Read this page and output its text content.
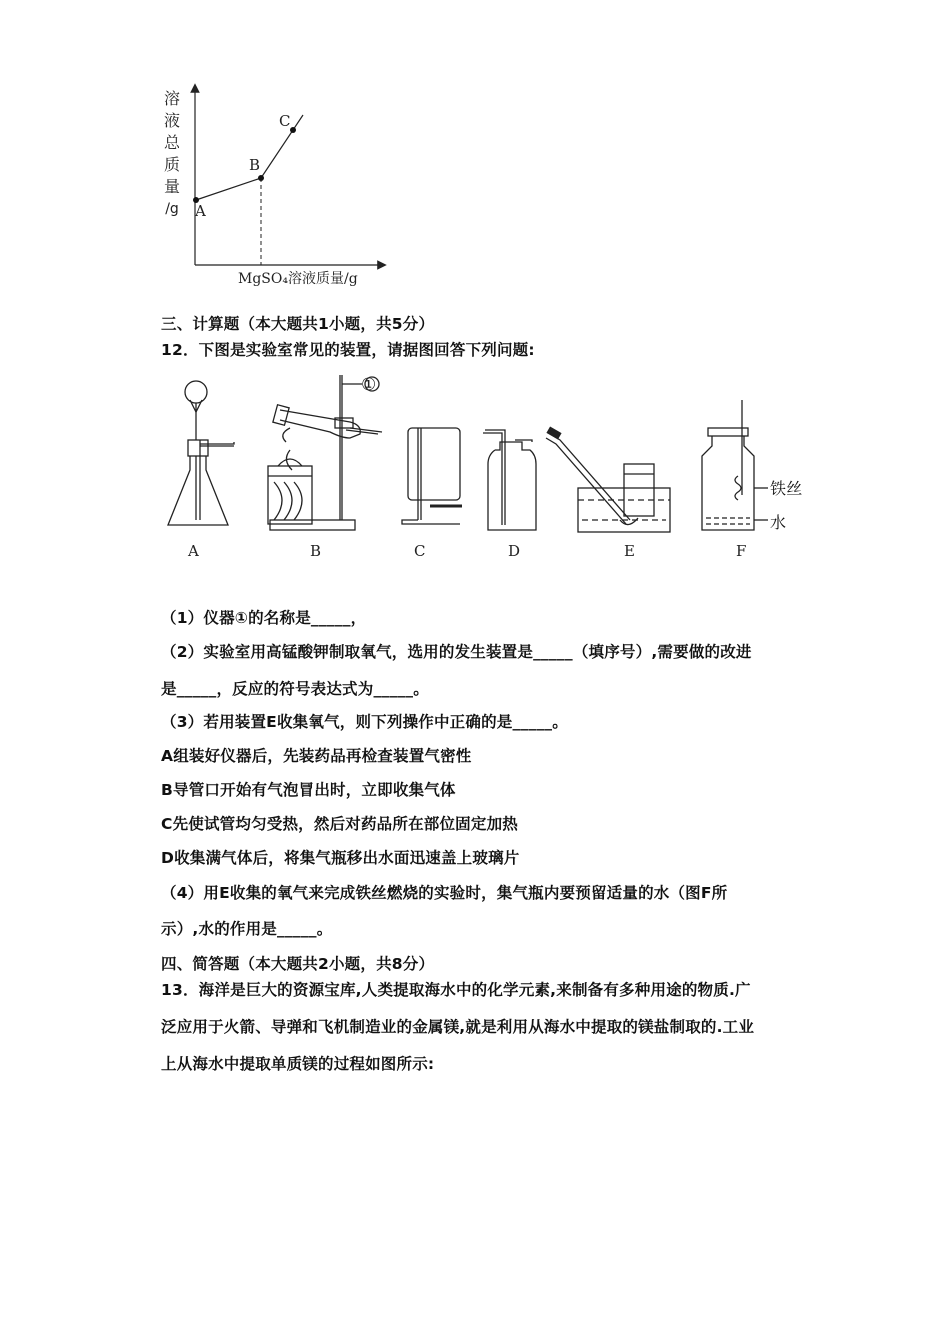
溶
液
总
质
量
/g A
B
C
MgSO₄溶液质量/g
三、计算题（本大题共1小题，共5分）
12．下图是实验室常见的装置，请据图回答下列问题:
①
铁丝
水
A	B	C	D	E	F
（1）仪器①的名称是_____，
（2）实验室用高锰酸钾制取氧气，选用的发生装置是_____（填序号）,需要做的改进
是_____，反应的符号表达式为_____。
（3）若用装置E收集氧气，则下列操作中正确的是_____。
A组装好仪器后，先装药品再检查装置气密性
B导管口开始有气泡冒出时，立即收集气体
C先使试管均匀受热，然后对药品所在部位固定加热
D收集满气体后，将集气瓶移出水面迅速盖上玻璃片
（4）用E收集的氧气来完成铁丝燃烧的实验时，集气瓶内要预留适量的水（图F所
示）,水的作用是_____。
四、简答题（本大题共2小题，共8分）
13．海洋是巨大的资源宝库,人类提取海水中的化学元素,来制备有多种用途的物质.广
泛应用于火箭、导弹和飞机制造业的金属镁,就是利用从海水中提取的镁盐制取的.工业
上从海水中提取单质镁的过程如图所示:
